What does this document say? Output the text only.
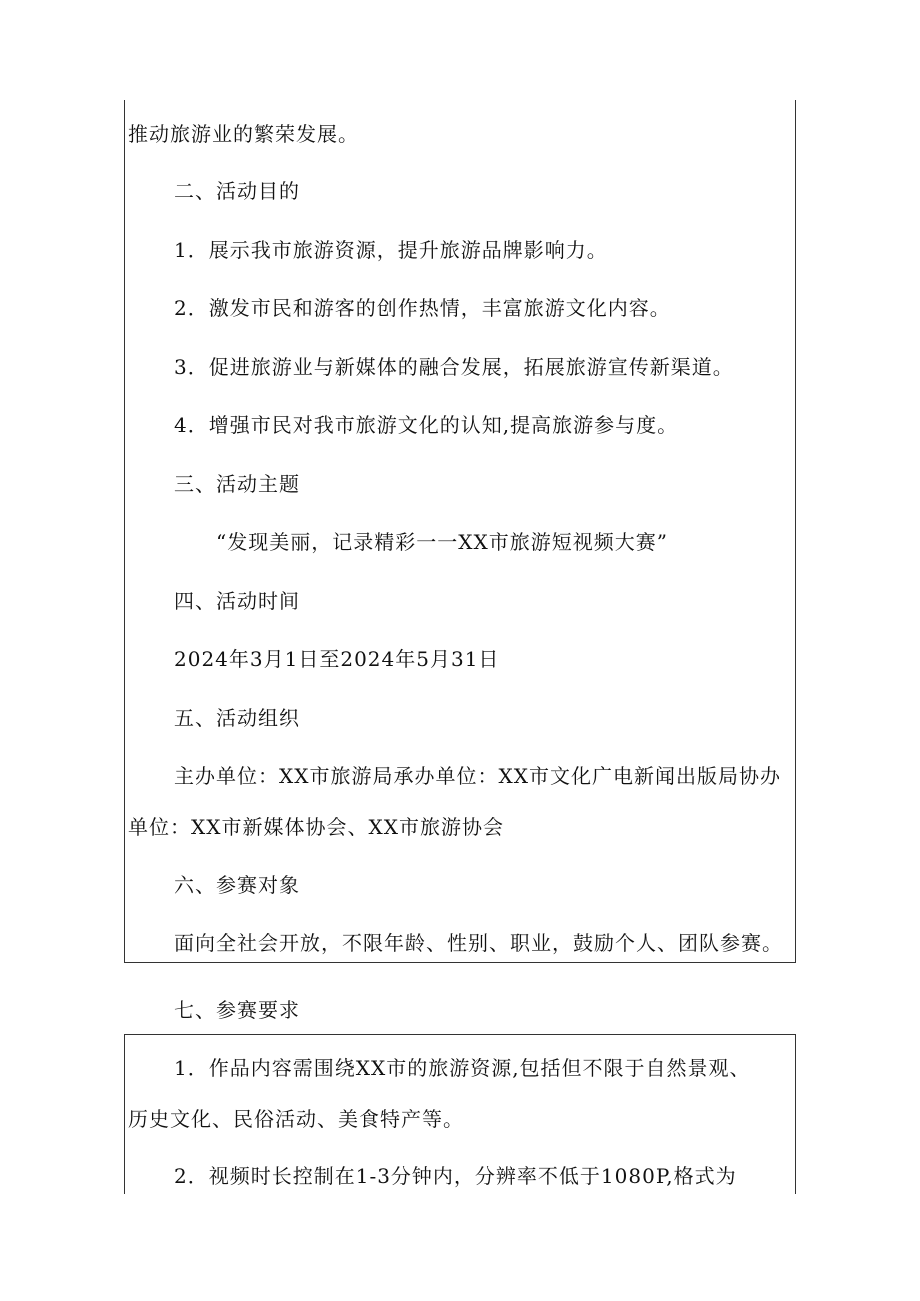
推动旅游业的繁荣发展。
二、活动目的
1．展示我市旅游资源，提升旅游品牌影响力。
2．激发市民和游客的创作热情，丰富旅游文化内容。
3．促进旅游业与新媒体的融合发展，拓展旅游宣传新渠道。
4．增强市民对我市旅游文化的认知,提高旅游参与度。
三、活动主题
“发现美丽，记录精彩一一XX市旅游短视频大赛”
四、活动时间
2024年3月1日至2024年5月31日
五、活动组织
主办单位：XX市旅游局承办单位：XX市文化广电新闻出版局协办
单位：XX市新媒体协会、XX市旅游协会
六、参赛对象
面向全社会开放，不限年龄、性别、职业，鼓励个人、团队参赛。
七、参赛要求
1．作品内容需围绕XX市的旅游资源,包括但不限于自然景观、
历史文化、民俗活动、美食特产等。
2．视频时长控制在1-3分钟内，分辨率不低于1080P,格式为
